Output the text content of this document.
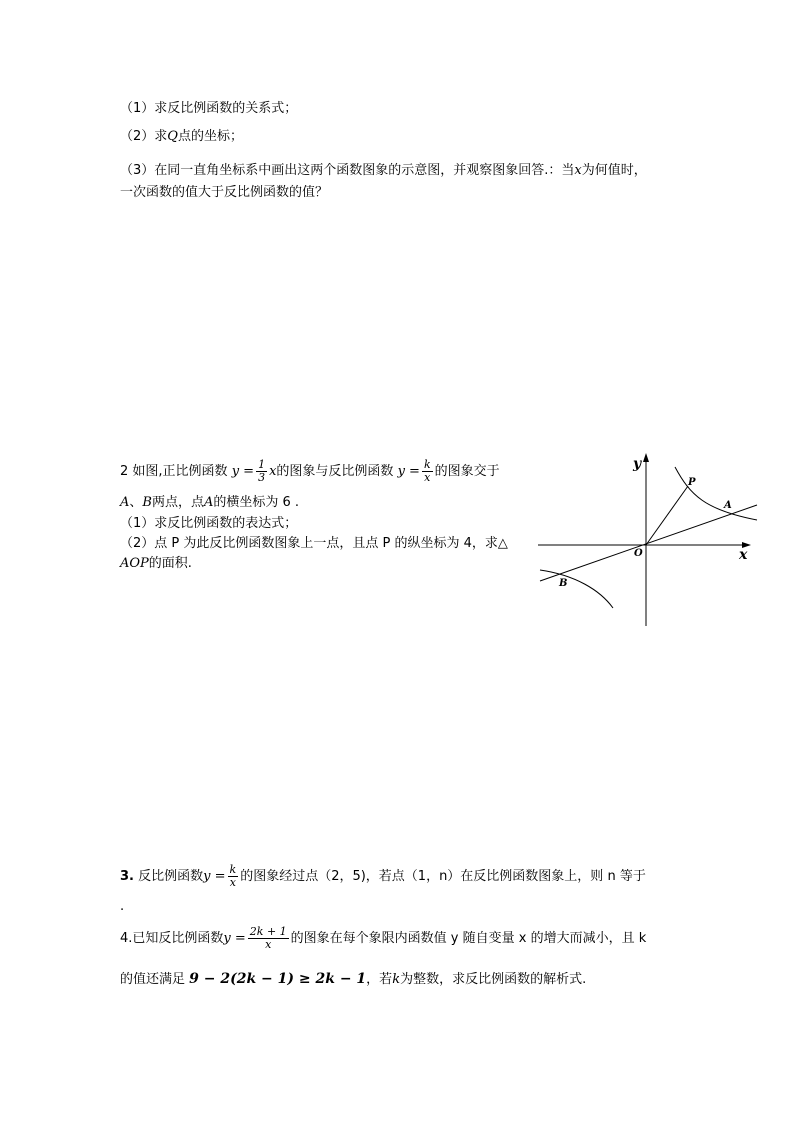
（1）求反比例函数的关系式；
（2）求Q点的坐标；
（3）在同一直角坐标系中画出这两个函数图象的示意图，并观察图象回答.：当x为何值时，
一次函数的值大于反比例函数的值？
2 如图,正比例函数 $y = \frac{1}{3}$ x的图象与反比例函数 $y = \frac{k}{x}$ 的图象交于
A、B两点，点A的横坐标为 6 .
（1）求反比例函数的表达式；
（2）点 P 为此反比例函数图象上一点，且点 P 的纵坐标为 4，求△
AOP的面积.
y
x
O
P
A
B
3. 反比例函数$y = \frac{k}{x}$ 的图象经过点（2，5)，若点（1，n）在反比例函数图象上，则 n 等于
.
4.已知反比例函数$y = \frac{2k + 1}{x}$ 的图象在每个象限内函数值 y 随自变量 x 的增大而减小，且 k
的值还满足 9 − 2(2k − 1) ≥ 2k − 1，若k为整数，求反比例函数的解析式.
